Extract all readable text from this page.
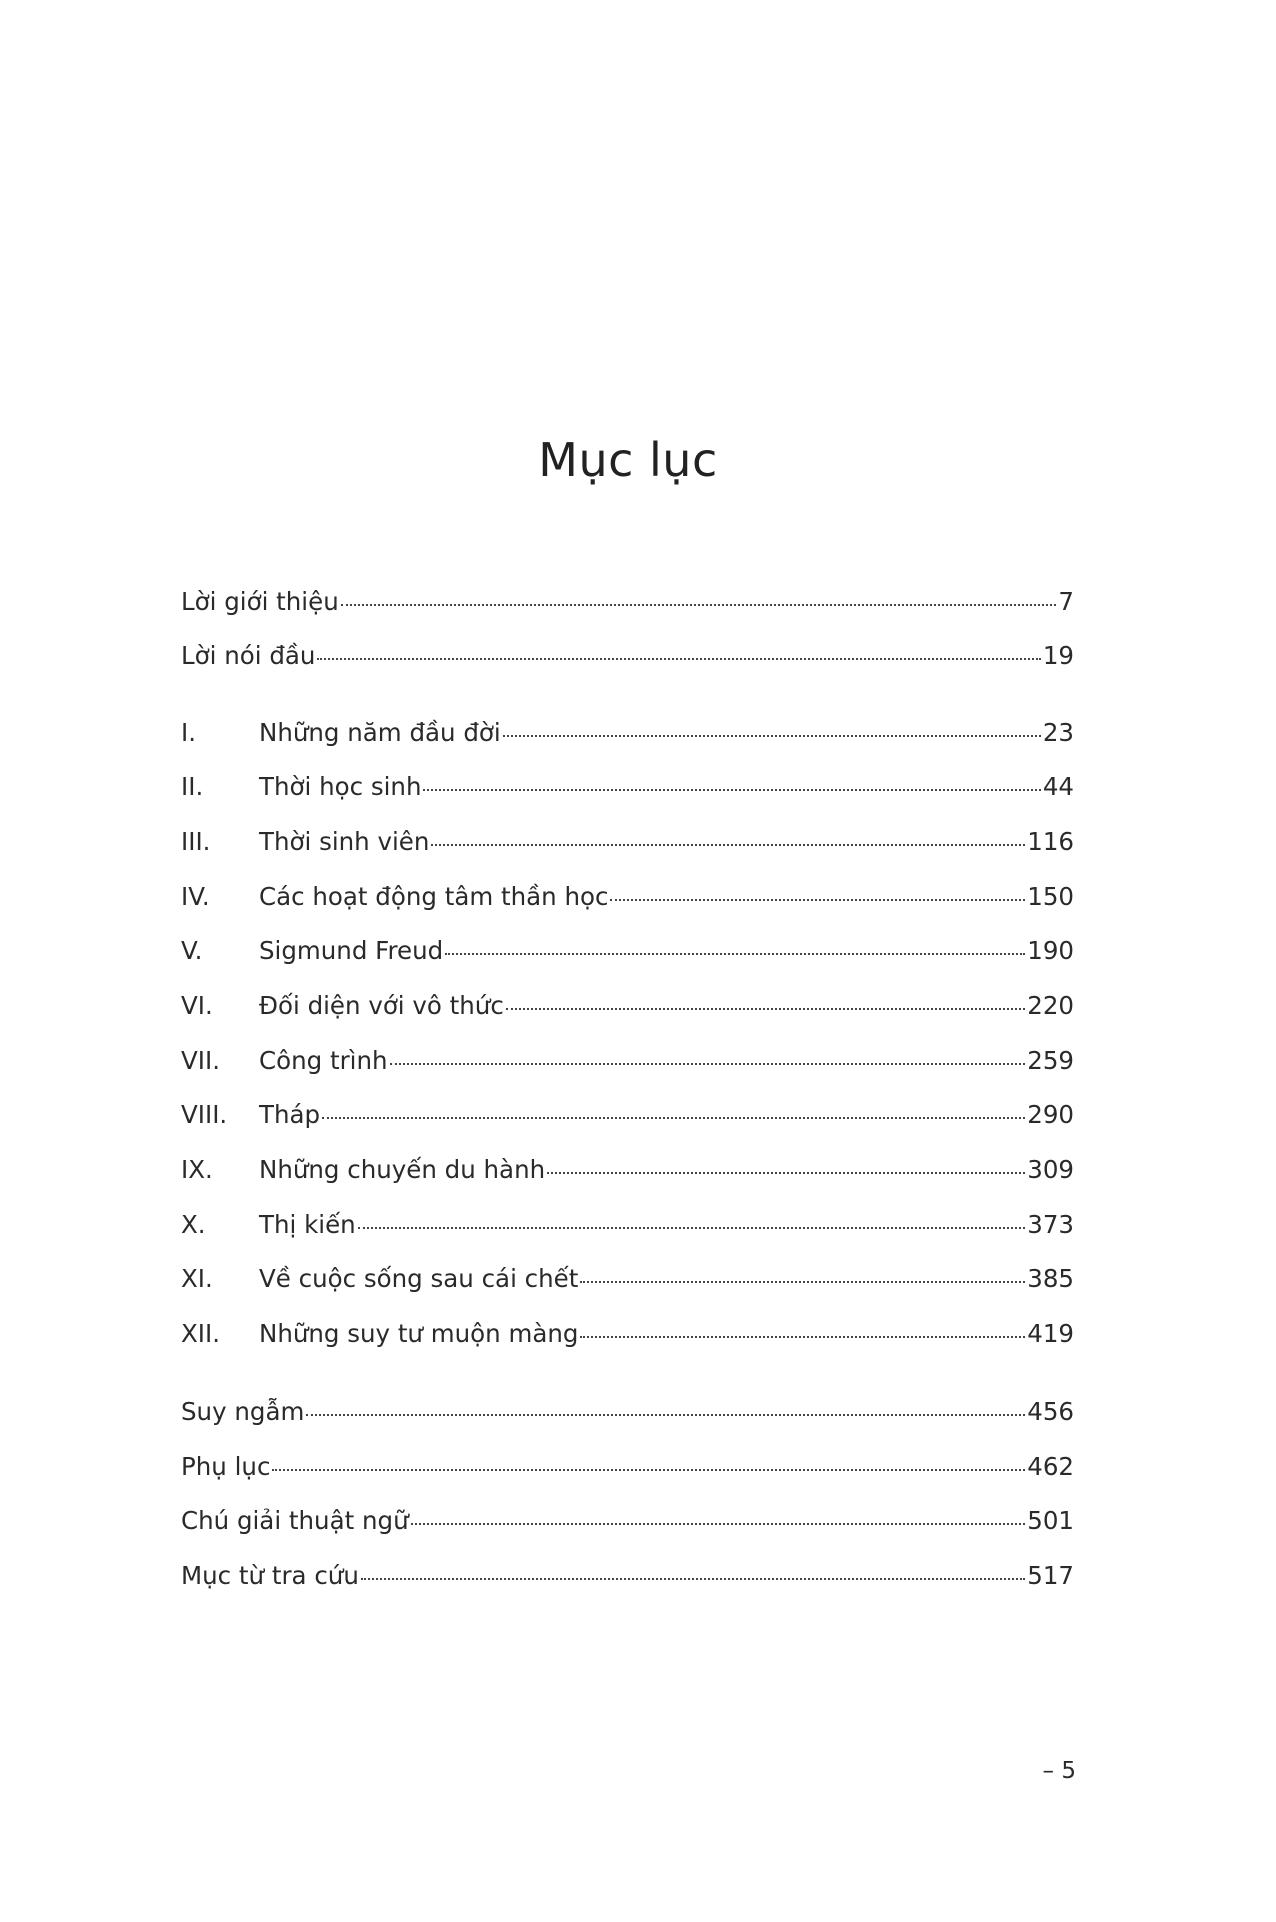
Mục lục
Lời giới thiệu	7
Lời nói đầu	19
I.	Những năm đầu đời	23
II.	Thời học sinh	44
III.	Thời sinh viên	116
IV.	Các hoạt động tâm thần học	150
V.	Sigmund Freud	190
VI.	Đối diện với vô thức	220
VII.	Công trình	259
VIII.	Tháp	290
IX.	Những chuyến du hành	309
X.	Thị kiến	373
XI.	Về cuộc sống sau cái chết	385
XII.	Những suy tư muộn màng	419
Suy ngẫm	456
Phụ lục	462
Chú giải thuật ngữ	501
Mục từ tra cứu	517
– 5
